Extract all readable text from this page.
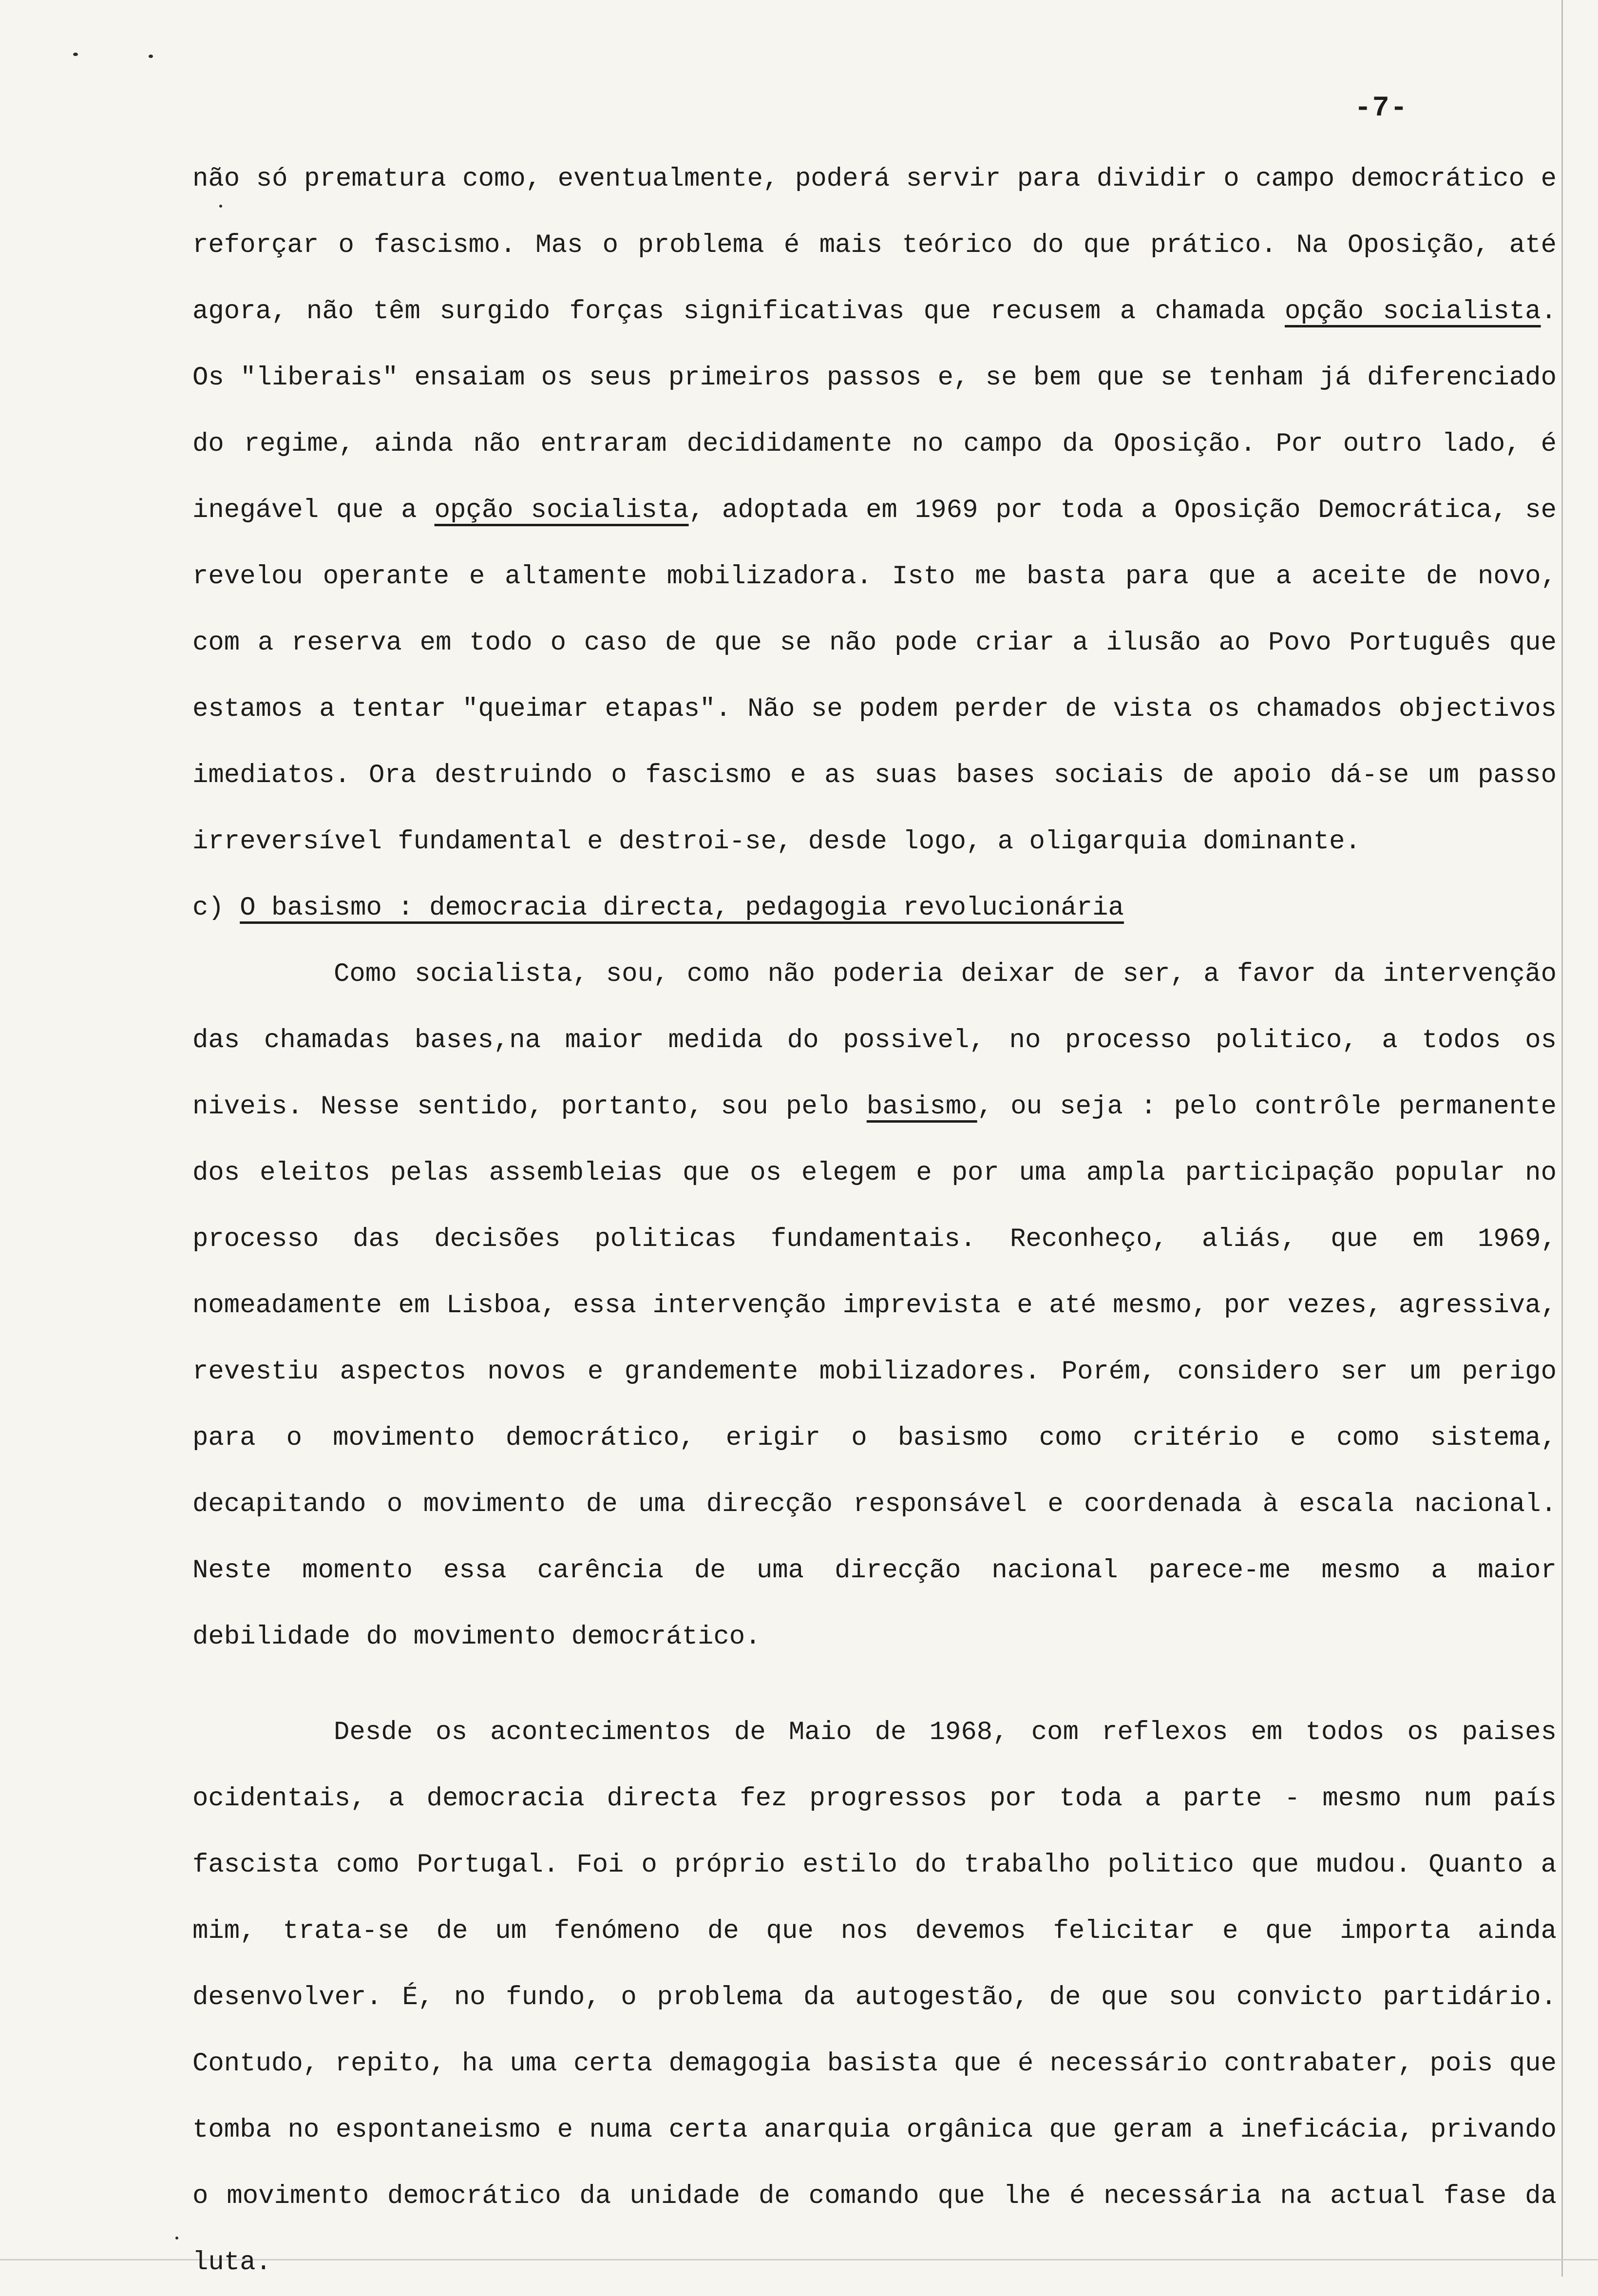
-7-

não só prematura como, eventualmente, poderá servir para dividir o campo democrático e reforçar o fascismo. Mas o problema é mais teórico do que prático. Na Oposição, até agora, não têm surgido forças significativas que recusem a chamada opção socialista. Os "liberais" ensaiam os seus primeiros passos e, se bem que se tenham já diferenciado do regime, ainda não entraram decididamente no campo da Oposição. Por outro lado, é inegável que a opção socialista, adoptada em 1969 por toda a Oposição Democrática, se revelou operante e altamente mobilizadora. Isto me basta para que a aceite de novo, com a reserva em todo o caso de que se não pode criar a ilusão ao Povo Português que estamos a tentar "queimar etapas". Não se podem perder de vista os chamados objectivos imediatos. Ora destruindo o fascismo e as suas bases sociais de apoio dá-se um passo irreversível fundamental e destroi-se, desde logo, a oligarquia dominante.

c) O basismo : democracia directa, pedagogia revolucionária

Como socialista, sou, como não poderia deixar de ser, a favor da intervenção das chamadas bases,na maior medida do possivel, no processo politico, a todos os niveis. Nesse sentido, portanto, sou pelo basismo, ou seja : pelo contrôle permanente dos eleitos pelas assembleias que os elegem e por uma ampla participação popular no processo das decisões politicas fundamentais. Reconheço, aliás, que em 1969, nomeadamente em Lisboa, essa intervenção imprevista e até mesmo, por vezes, agressiva, revestiu aspectos novos e grandemente mobilizadores. Porém, considero ser um perigo para o movimento democrático, erigir o basismo como critério e como sistema, decapitando o movimento de uma direcção responsável e coordenada à escala nacional. Neste momento essa carência de uma direcção nacional parece-me mesmo a maior debilidade do movimento democrático.

Desde os acontecimentos de Maio de 1968, com reflexos em todos os paises ocidentais, a democracia directa fez progressos por toda a parte - mesmo num país fascista como Portugal. Foi o próprio estilo do trabalho politico que mudou. Quanto a mim, trata-se de um fenómeno de que nos devemos felicitar e que importa ainda desenvolver. É, no fundo, o problema da autogestão, de que sou convicto partidário. Contudo, repito, ha uma certa demagogia basista que é necessário contrabater, pois que tomba no espontaneismo e numa certa anarquia orgânica que geram a ineficácia, privando o movimento democrático da unidade de comando que lhe é necessária na actual fase da luta.
